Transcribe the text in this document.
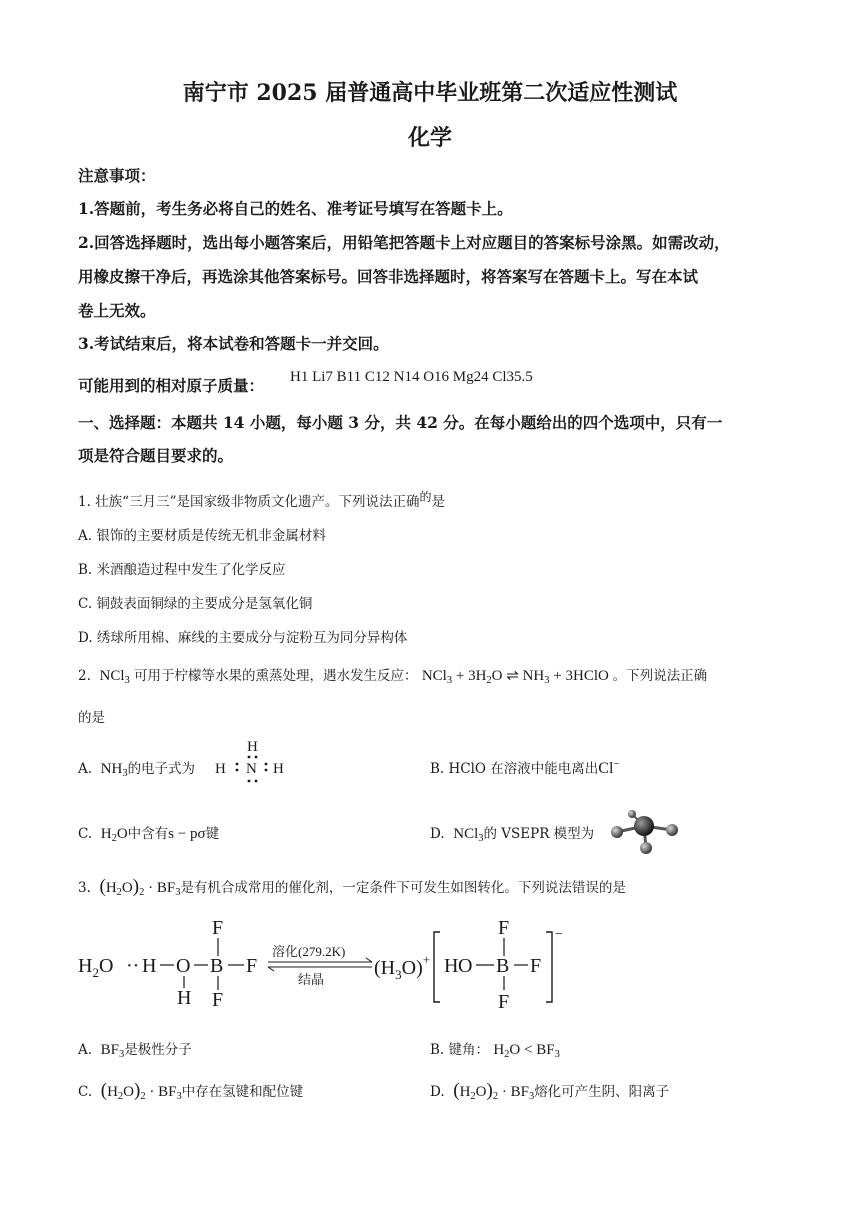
南宁市 2025 届普通高中毕业班第二次适应性测试
化学
注意事项：
1.答题前，考生务必将自己的姓名、准考证号填写在答题卡上。
2.回答选择题时，选出每小题答案后，用铅笔把答题卡上对应题目的答案标号涂黑。如需改动，
用橡皮擦干净后，再选涂其他答案标号。回答非选择题时，将答案写在答题卡上。写在本试
卷上无效。
3.考试结束后，将本试卷和答题卡一并交回。
可能用到的相对原子质量： H1 Li7 B11 C12 N14 O16 Mg24 Cl35.5
一、选择题：本题共 14 小题，每小题 3 分，共 42 分。在每小题给出的四个选项中，只有一
项是符合题目要求的。
1. 壮族“三月三”是国家级非物质文化遗产。下列说法正确的是
A. 银饰的主要材质是传统无机非金属材料
B. 米酒酿造过程中发生了化学反应
C. 铜鼓表面铜绿的主要成分是氢氧化铜
D. 绣球所用棉、麻线的主要成分与淀粉互为同分异构体
2. NCl$_3$ 可用于柠檬等水果的熏蒸处理，遇水发生反应： $NCl_3 + 3H_2O$ ⇌ $NH_3$ + 3HClO 。下列说法正确
的是
A. $NH_3$的电子式为
H
H N H	B. HClO 在溶液中能电离出Cl−
C. $H_2O$中含有s − pσ键	D. NCl$_3$的 VSEPR 模型为
3. $(H_2O)_2 \cdot BF_3$是有机合成常用的催化剂，一定条件下可发生如图转化。下列说法错误的是
$H_2O \cdot\cdot H$ O
H
B
F
F
F
溶化(279.2K)
结晶
$(H_3O)^+$ H O B
F
F
F
−
A. $BF_3$是极性分子	B. 键角： $H_2O < BF_3$
C. $(H_2O)_2 \cdot BF_3$中存在氢键和配位键	D. $(H_2O)_2 \cdot BF_3$熔化可产生阴、阳离子
